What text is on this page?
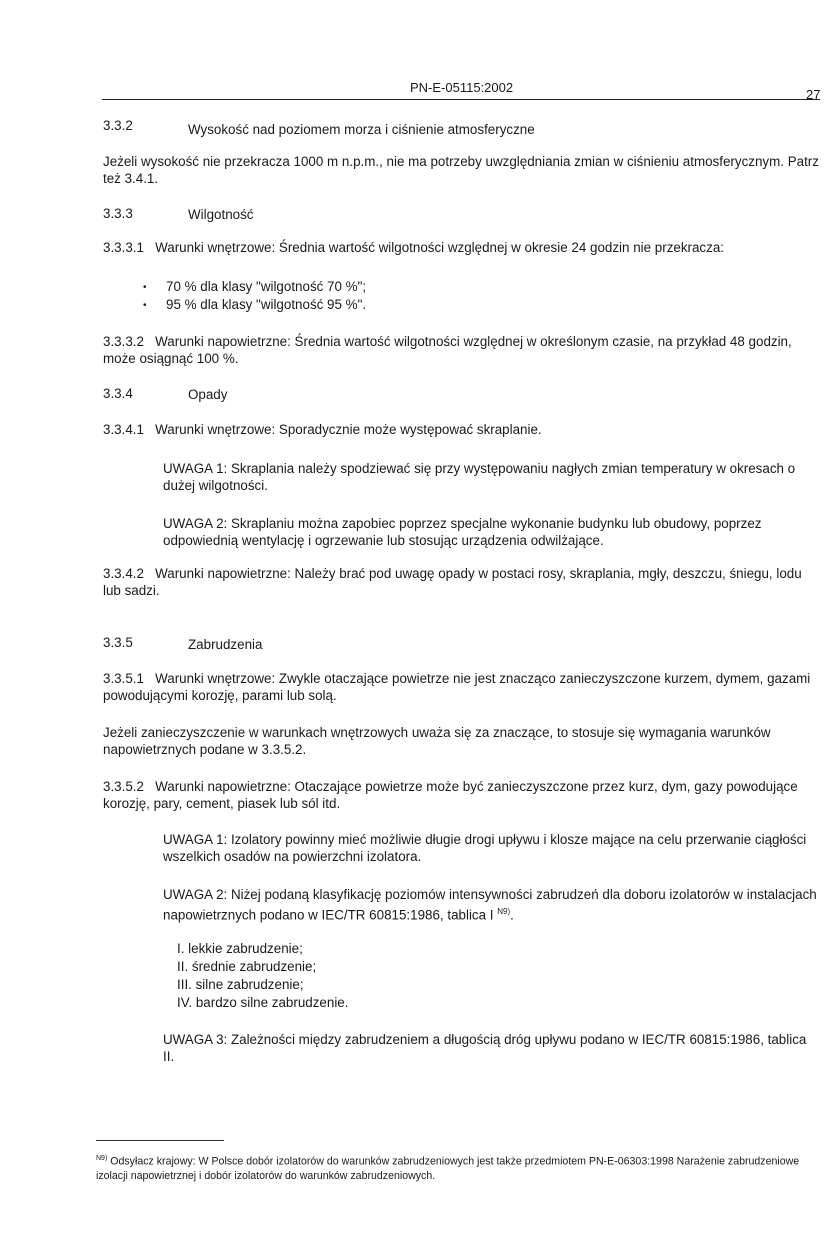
PN-E-05115:2002	27
3.3.2	Wysokość nad poziomem morza i ciśnienie atmosferyczne
Jeżeli wysokość nie przekracza 1000 m n.p.m., nie ma potrzeby uwzględniania zmian w ciśnieniu atmosferycznym. Patrz też 3.4.1.
3.3.3	Wilgotność
3.3.3.1 Warunki wnętrzowe: Średnia wartość wilgotności względnej w okresie 24 godzin nie przekracza:
• 70 % dla klasy "wilgotność 70 %";
• 95 % dla klasy "wilgotność 95 %".
3.3.3.2 Warunki napowietrzne: Średnia wartość wilgotności względnej w określonym czasie, na przykład 48 godzin, może osiągnąć 100 %.
3.3.4	Opady
3.3.4.1 Warunki wnętrzowe: Sporadycznie może występować skraplanie.
UWAGA 1: Skraplania należy spodziewać się przy występowaniu nagłych zmian temperatury w okresach o dużej wilgotności.
UWAGA 2: Skraplaniu można zapobiec poprzez specjalne wykonanie budynku lub obudowy, poprzez odpowiednią wentylację i ogrzewanie lub stosując urządzenia odwilżające.
3.3.4.2 Warunki napowietrzne: Należy brać pod uwagę opady w postaci rosy, skraplania, mgły, deszczu, śniegu, lodu lub sadzi.
3.3.5	Zabrudzenia
3.3.5.1 Warunki wnętrzowe: Zwykle otaczające powietrze nie jest znacząco zanieczyszczone kurzem, dymem, gazami powodującymi korozję, parami lub solą.
Jeżeli zanieczyszczenie w warunkach wnętrzowych uważa się za znaczące, to stosuje się wymagania warunków napowietrznych podane w 3.3.5.2.
3.3.5.2 Warunki napowietrzne: Otaczające powietrze może być zanieczyszczone przez kurz, dym, gazy powodujące korozję, pary, cement, piasek lub sól itd.
UWAGA 1: Izolatory powinny mieć możliwie długie drogi upływu i klosze mające na celu przerwanie ciągłości wszelkich osadów na powierzchni izolatora.
UWAGA 2: Niżej podaną klasyfikację poziomów intensywności zabrudzeń dla doboru izolatorów w instalacjach napowietrznych podano w IEC/TR 60815:1986, tablica I $^{N9)}$.
I. lekkie zabrudzenie;
II. średnie zabrudzenie;
III. silne zabrudzenie;
IV. bardzo silne zabrudzenie.
UWAGA 3: Zależności między zabrudzeniem a długością dróg upływu podano w IEC/TR 60815:1986, tablica II.
$^{N9)}$ Odsyłacz krajowy: W Polsce dobór izolatorów do warunków zabrudzeniowych jest także przedmiotem PN-E-06303:1998 Narażenie zabrudzeniowe izolacji napowietrznej i dobór izolatorów do warunków zabrudzeniowych.
